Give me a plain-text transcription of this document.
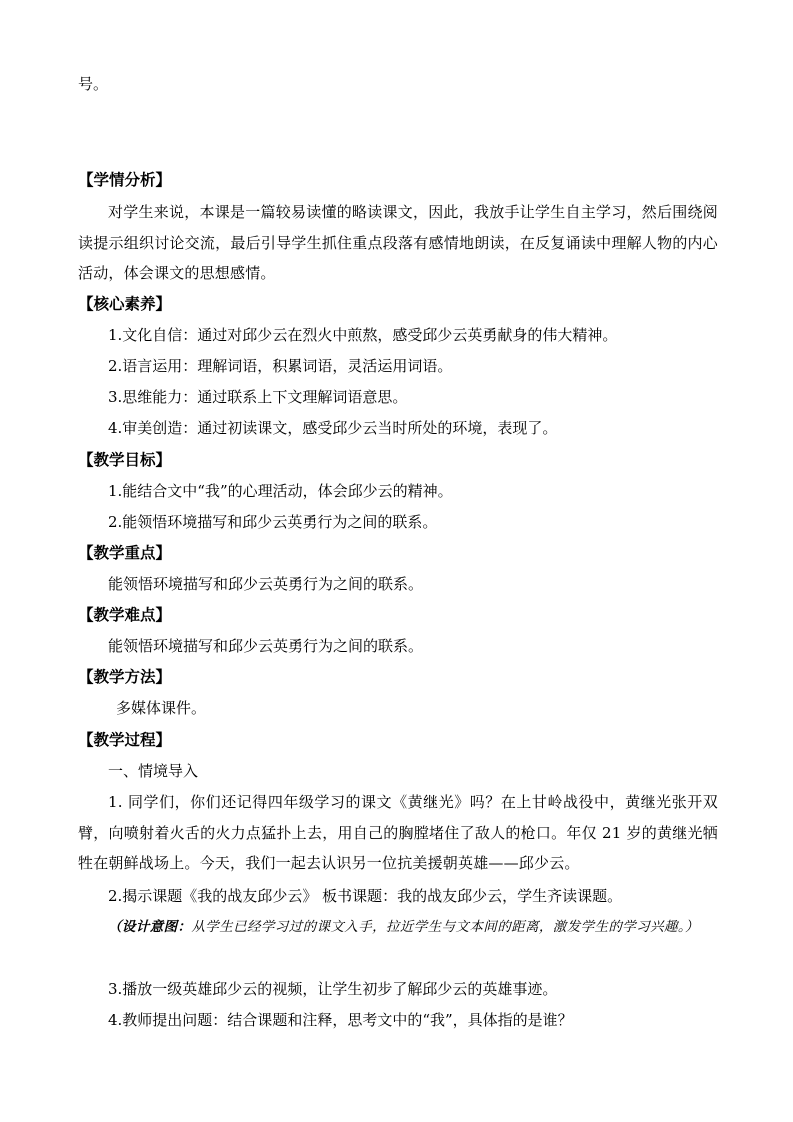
号。
【学情分析】
对学生来说，本课是一篇较易读懂的略读课文，因此，我放手让学生自主学习，然后围绕阅读提示组织讨论交流，最后引导学生抓住重点段落有感情地朗读，在反复诵读中理解人物的内心活动，体会课文的思想感情。
【核心素养】
1.文化自信：通过对邱少云在烈火中煎熬，感受邱少云英勇献身的伟大精神。
2.语言运用：理解词语，积累词语，灵活运用词语。
3.思维能力：通过联系上下文理解词语意思。
4.审美创造：通过初读课文，感受邱少云当时所处的环境，表现了。
【教学目标】
1.能结合文中“我”的心理活动，体会邱少云的精神。
2.能领悟环境描写和邱少云英勇行为之间的联系。
【教学重点】
能领悟环境描写和邱少云英勇行为之间的联系。
【教学难点】
能领悟环境描写和邱少云英勇行为之间的联系。
【教学方法】
多媒体课件。
【教学过程】
一、情境导入
1. 同学们，你们还记得四年级学习的课文《黄继光》吗？在上甘岭战役中，黄继光张开双臂，向喷射着火舌的火力点猛扑上去，用自己的胸膛堵住了敌人的枪口。年仅 21 岁的黄继光牺牲在朝鲜战场上。今天，我们一起去认识另一位抗美援朝英雄——邱少云。
2.揭示课题《我的战友邱少云》 板书课题：我的战友邱少云，学生齐读课题。
（设计意图：从学生已经学习过的课文入手，拉近学生与文本间的距离，激发学生的学习兴趣。）
3.播放一级英雄邱少云的视频，让学生初步了解邱少云的英雄事迹。
4.教师提出问题：结合课题和注释，思考文中的“我”，具体指的是谁？
